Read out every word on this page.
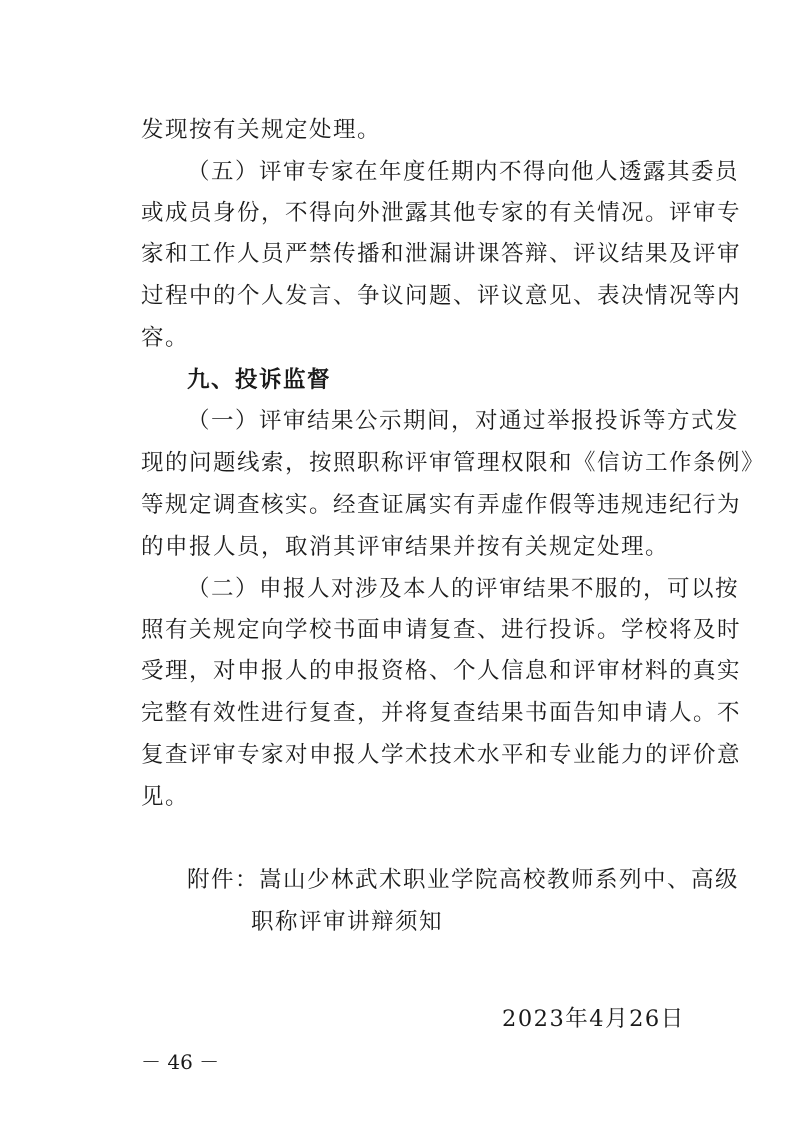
发现按有关规定处理。
（五）评审专家在年度任期内不得向他人透露其委员
或成员身份，不得向外泄露其他专家的有关情况。评审专
家和工作人员严禁传播和泄漏讲课答辩、评议结果及评审
过程中的个人发言、争议问题、评议意见、表决情况等内
容。
九、投诉监督
（一）评审结果公示期间，对通过举报投诉等方式发
现的问题线索，按照职称评审管理权限和《信访工作条例》
等规定调查核实。经查证属实有弄虚作假等违规违纪行为
的申报人员，取消其评审结果并按有关规定处理。
（二）申报人对涉及本人的评审结果不服的，可以按
照有关规定向学校书面申请复查、进行投诉。学校将及时
受理，对申报人的申报资格、个人信息和评审材料的真实
完整有效性进行复查，并将复查结果书面告知申请人。不
复查评审专家对申报人学术技术水平和专业能力的评价意
见。
附件：嵩山少林武术职业学院高校教师系列中、高级
职称评审讲辩须知
2023年4月26日
－ 46 －
